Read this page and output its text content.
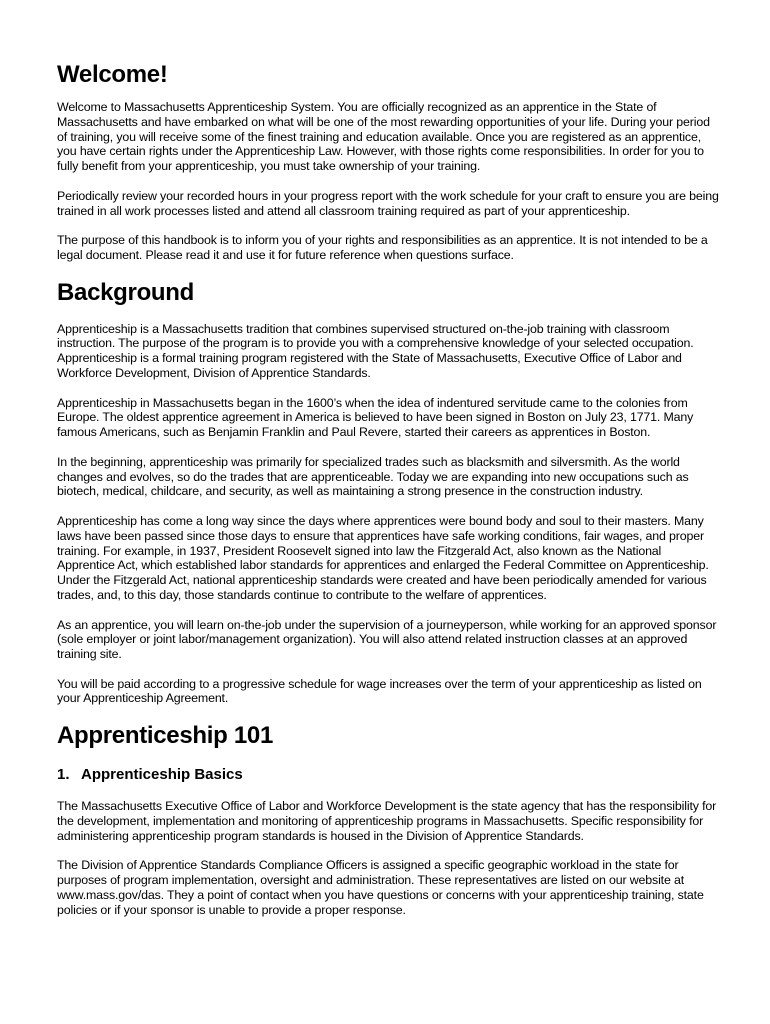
Welcome!

Welcome to Massachusetts Apprenticeship System. You are officially recognized as an apprentice in the State of Massachusetts and have embarked on what will be one of the most rewarding opportunities of your life. During your period of training, you will receive some of the finest training and education available. Once you are registered as an apprentice, you have certain rights under the Apprenticeship Law. However, with those rights come responsibilities. In order for you to fully benefit from your apprenticeship, you must take ownership of your training.

Periodically review your recorded hours in your progress report with the work schedule for your craft to ensure you are being trained in all work processes listed and attend all classroom training required as part of your apprenticeship.

The purpose of this handbook is to inform you of your rights and responsibilities as an apprentice. It is not intended to be a legal document. Please read it and use it for future reference when questions surface.

Background

Apprenticeship is a Massachusetts tradition that combines supervised structured on-the-job training with classroom instruction. The purpose of the program is to provide you with a comprehensive knowledge of your selected occupation. Apprenticeship is a formal training program registered with the State of Massachusetts, Executive Office of Labor and Workforce Development, Division of Apprentice Standards.

Apprenticeship in Massachusetts began in the 1600’s when the idea of indentured servitude came to the colonies from Europe. The oldest apprentice agreement in America is believed to have been signed in Boston on July 23, 1771. Many famous Americans, such as Benjamin Franklin and Paul Revere, started their careers as apprentices in Boston.

In the beginning, apprenticeship was primarily for specialized trades such as blacksmith and silversmith. As the world changes and evolves, so do the trades that are apprenticeable. Today we are expanding into new occupations such as biotech, medical, childcare, and security, as well as maintaining a strong presence in the construction industry.

Apprenticeship has come a long way since the days where apprentices were bound body and soul to their masters. Many laws have been passed since those days to ensure that apprentices have safe working conditions, fair wages, and proper training. For example, in 1937, President Roosevelt signed into law the Fitzgerald Act, also known as the National Apprentice Act, which established labor standards for apprentices and enlarged the Federal Committee on Apprenticeship. Under the Fitzgerald Act, national apprenticeship standards were created and have been periodically amended for various trades, and, to this day, those standards continue to contribute to the welfare of apprentices.

As an apprentice, you will learn on-the-job under the supervision of a journeyperson, while working for an approved sponsor (sole employer or joint labor/management organization). You will also attend related instruction classes at an approved training site.

You will be paid according to a progressive schedule for wage increases over the term of your apprenticeship as listed on your Apprenticeship Agreement.

Apprenticeship 101
1. Apprenticeship Basics

The Massachusetts Executive Office of Labor and Workforce Development is the state agency that has the responsibility for the development, implementation and monitoring of apprenticeship programs in Massachusetts. Specific responsibility for administering apprenticeship program standards is housed in the Division of Apprentice Standards.

The Division of Apprentice Standards Compliance Officers is assigned a specific geographic workload in the state for purposes of program implementation, oversight and administration. These representatives are listed on our website at www.mass.gov/das. They a point of contact when you have questions or concerns with your apprenticeship training, state policies or if your sponsor is unable to provide a proper response.
